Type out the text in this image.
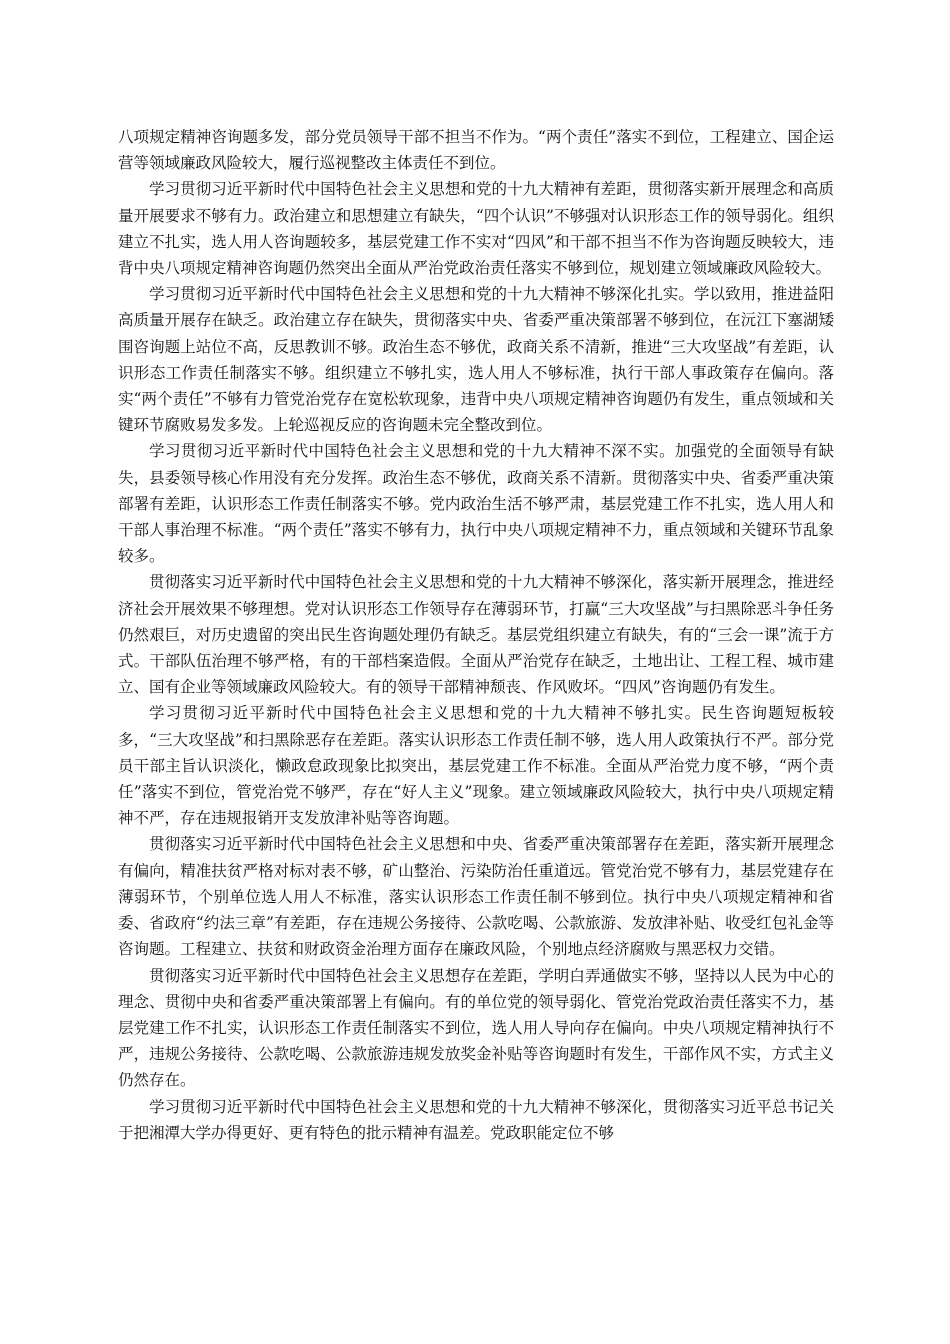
八项规定精神咨询题多发，部分党员领导干部不担当不作为。“两个责任”落实不到位，工程建立、国企运营等领域廉政风险较大，履行巡视整改主体责任不到位。

学习贯彻习近平新时代中国特色社会主义思想和党的十九大精神有差距，贯彻落实新开展理念和高质量开展要求不够有力。政治建立和思想建立有缺失，“四个认识”不够强对认识形态工作的领导弱化。组织建立不扎实，选人用人咨询题较多，基层党建工作不实对“四风”和干部不担当不作为咨询题反映较大，违背中央八项规定精神咨询题仍然突出全面从严治党政治责任落实不够到位，规划建立领域廉政风险较大。

学习贯彻习近平新时代中国特色社会主义思想和党的十九大精神不够深化扎实。学以致用，推进益阳高质量开展存在缺乏。政治建立存在缺失，贯彻落实中央、省委严重决策部署不够到位，在沅江下塞湖矮围咨询题上站位不高，反思教训不够。政治生态不够优，政商关系不清新，推进“三大攻坚战”有差距，认识形态工作责任制落实不够。组织建立不够扎实，选人用人不够标准，执行干部人事政策存在偏向。落实“两个责任”不够有力管党治党存在宽松软现象，违背中央八项规定精神咨询题仍有发生，重点领域和关键环节腐败易发多发。上轮巡视反应的咨询题未完全整改到位。

学习贯彻习近平新时代中国特色社会主义思想和党的十九大精神不深不实。加强党的全面领导有缺失，县委领导核心作用没有充分发挥。政治生态不够优，政商关系不清新。贯彻落实中央、省委严重决策部署有差距，认识形态工作责任制落实不够。党内政治生活不够严肃，基层党建工作不扎实，选人用人和干部人事治理不标准。“两个责任”落实不够有力，执行中央八项规定精神不力，重点领域和关键环节乱象较多。

贯彻落实习近平新时代中国特色社会主义思想和党的十九大精神不够深化，落实新开展理念，推进经济社会开展效果不够理想。党对认识形态工作领导存在薄弱环节，打赢“三大攻坚战”与扫黑除恶斗争任务仍然艰巨，对历史遗留的突出民生咨询题处理仍有缺乏。基层党组织建立有缺失，有的“三会一课”流于方式。干部队伍治理不够严格，有的干部档案造假。全面从严治党存在缺乏，土地出让、工程工程、城市建立、国有企业等领域廉政风险较大。有的领导干部精神颓丧、作风败坏。“四风”咨询题仍有发生。

学习贯彻习近平新时代中国特色社会主义思想和党的十九大精神不够扎实。民生咨询题短板较多，“三大攻坚战”和扫黑除恶存在差距。落实认识形态工作责任制不够，选人用人政策执行不严。部分党员干部主旨认识淡化，懒政怠政现象比拟突出，基层党建工作不标准。全面从严治党力度不够，“两个责任”落实不到位，管党治党不够严，存在“好人主义”现象。建立领域廉政风险较大，执行中央八项规定精神不严，存在违规报销开支发放津补贴等咨询题。

贯彻落实习近平新时代中国特色社会主义思想和中央、省委严重决策部署存在差距，落实新开展理念有偏向，精准扶贫严格对标对表不够，矿山整治、污染防治任重道远。管党治党不够有力，基层党建存在薄弱环节，个别单位选人用人不标准，落实认识形态工作责任制不够到位。执行中央八项规定精神和省委、省政府“约法三章”有差距，存在违规公务接待、公款吃喝、公款旅游、发放津补贴、收受红包礼金等咨询题。工程建立、扶贫和财政资金治理方面存在廉政风险，个别地点经济腐败与黑恶权力交错。

贯彻落实习近平新时代中国特色社会主义思想存在差距，学明白弄通做实不够，坚持以人民为中心的理念、贯彻中央和省委严重决策部署上有偏向。有的单位党的领导弱化、管党治党政治责任落实不力，基层党建工作不扎实，认识形态工作责任制落实不到位，选人用人导向存在偏向。中央八项规定精神执行不严，违规公务接待、公款吃喝、公款旅游违规发放奖金补贴等咨询题时有发生，干部作风不实，方式主义仍然存在。

学习贯彻习近平新时代中国特色社会主义思想和党的十九大精神不够深化，贯彻落实习近平总书记关于把湘潭大学办得更好、更有特色的批示精神有温差。党政职能定位不够
